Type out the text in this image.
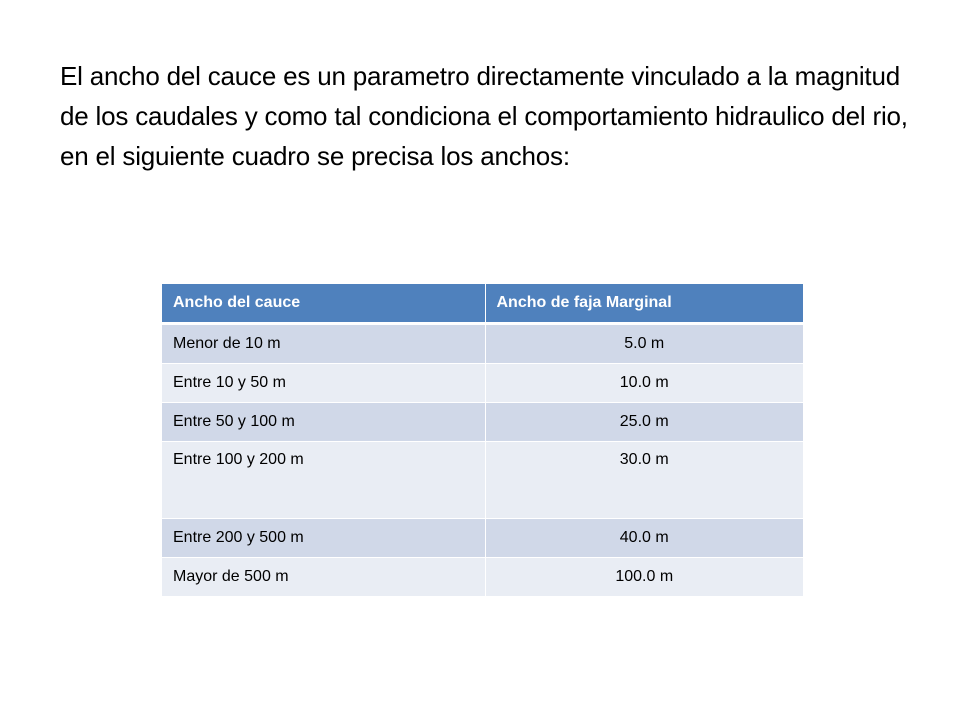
El ancho del cauce es un parametro directamente vinculado a la magnitud de los caudales y como tal condiciona el comportamiento hidraulico del rio, en el siguiente cuadro se precisa los anchos:

Ancho del cauce	Ancho de faja Marginal
Menor de 10 m	5.0 m
Entre 10 y 50 m	10.0 m
Entre 50 y 100 m	25.0 m
Entre 100 y 200 m	30.0 m
Entre 200 y 500 m	40.0 m
Mayor de 500 m	100.0 m
